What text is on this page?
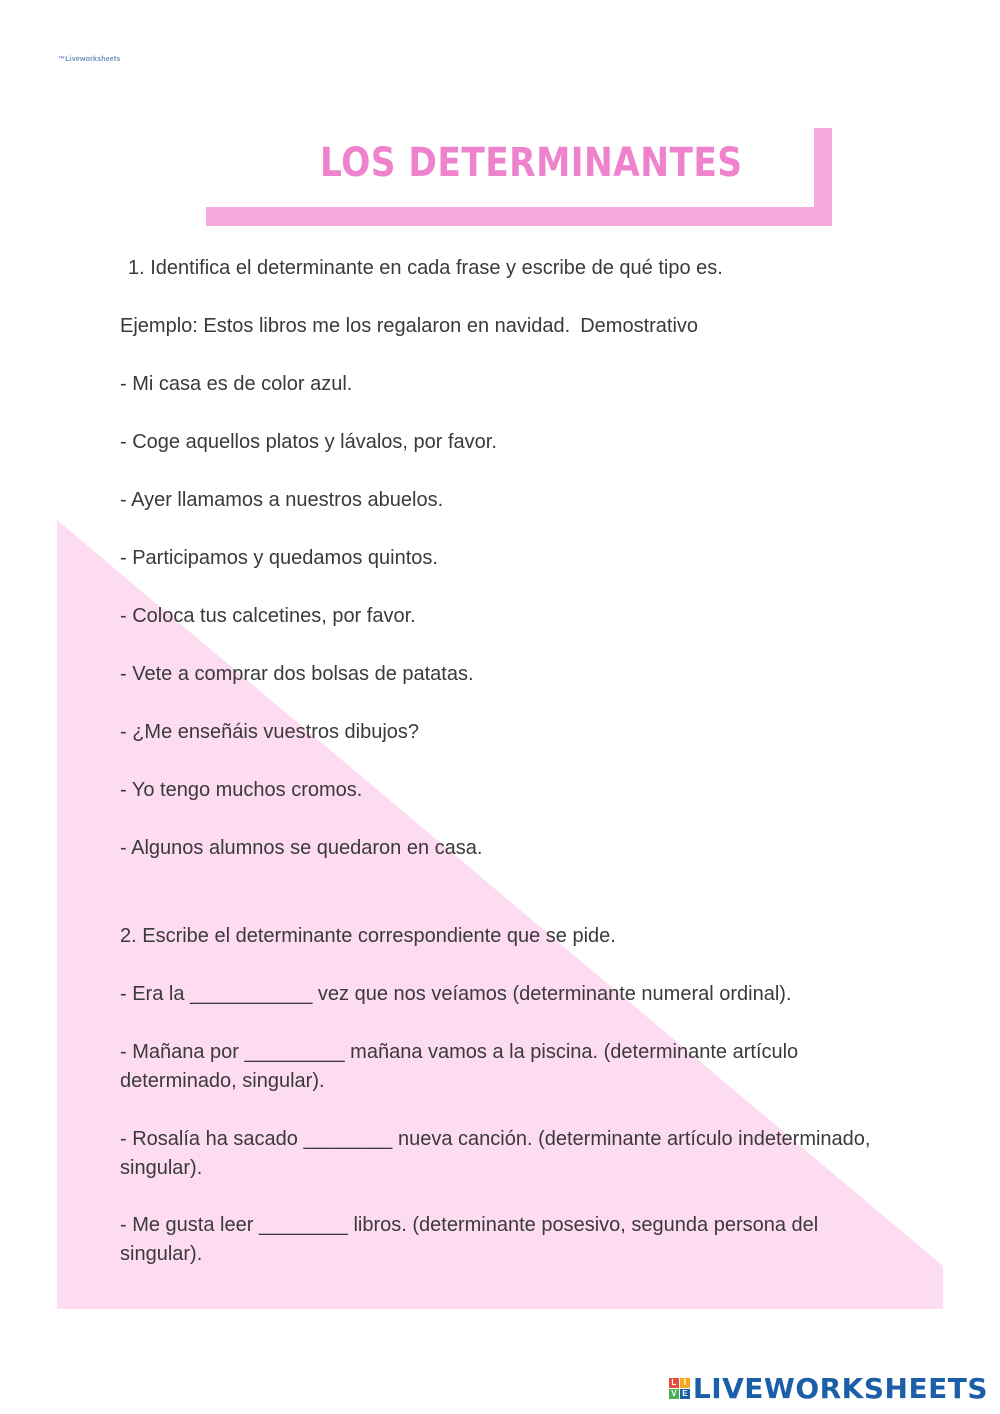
™Liveworksheets
LOS DETERMINANTES
1. Identifica el determinante en cada frase y escribe de qué tipo es.
Ejemplo: Estos libros me los regalaron en navidad. Demostrativo
- Mi casa es de color azul.
- Coge aquellos platos y lávalos, por favor.
- Ayer llamamos a nuestros abuelos.
- Participamos y quedamos quintos.
- Coloca tus calcetines, por favor.
- Vete a comprar dos bolsas de patatas.
- ¿Me enseñáis vuestros dibujos?
- Yo tengo muchos cromos.
- Algunos alumnos se quedaron en casa.
2. Escribe el determinante correspondiente que se pide.
- Era la ___________ vez que nos veíamos (determinante numeral ordinal).
- Mañana por _________ mañana vamos a la piscina. (determinante artículo determinado, singular).
- Rosalía ha sacado ________ nueva canción. (determinante artículo indeterminado, singular).
- Me gusta leer ________ libros. (determinante posesivo, segunda persona del singular).
L I
V E LIVEWORKSHEETS
